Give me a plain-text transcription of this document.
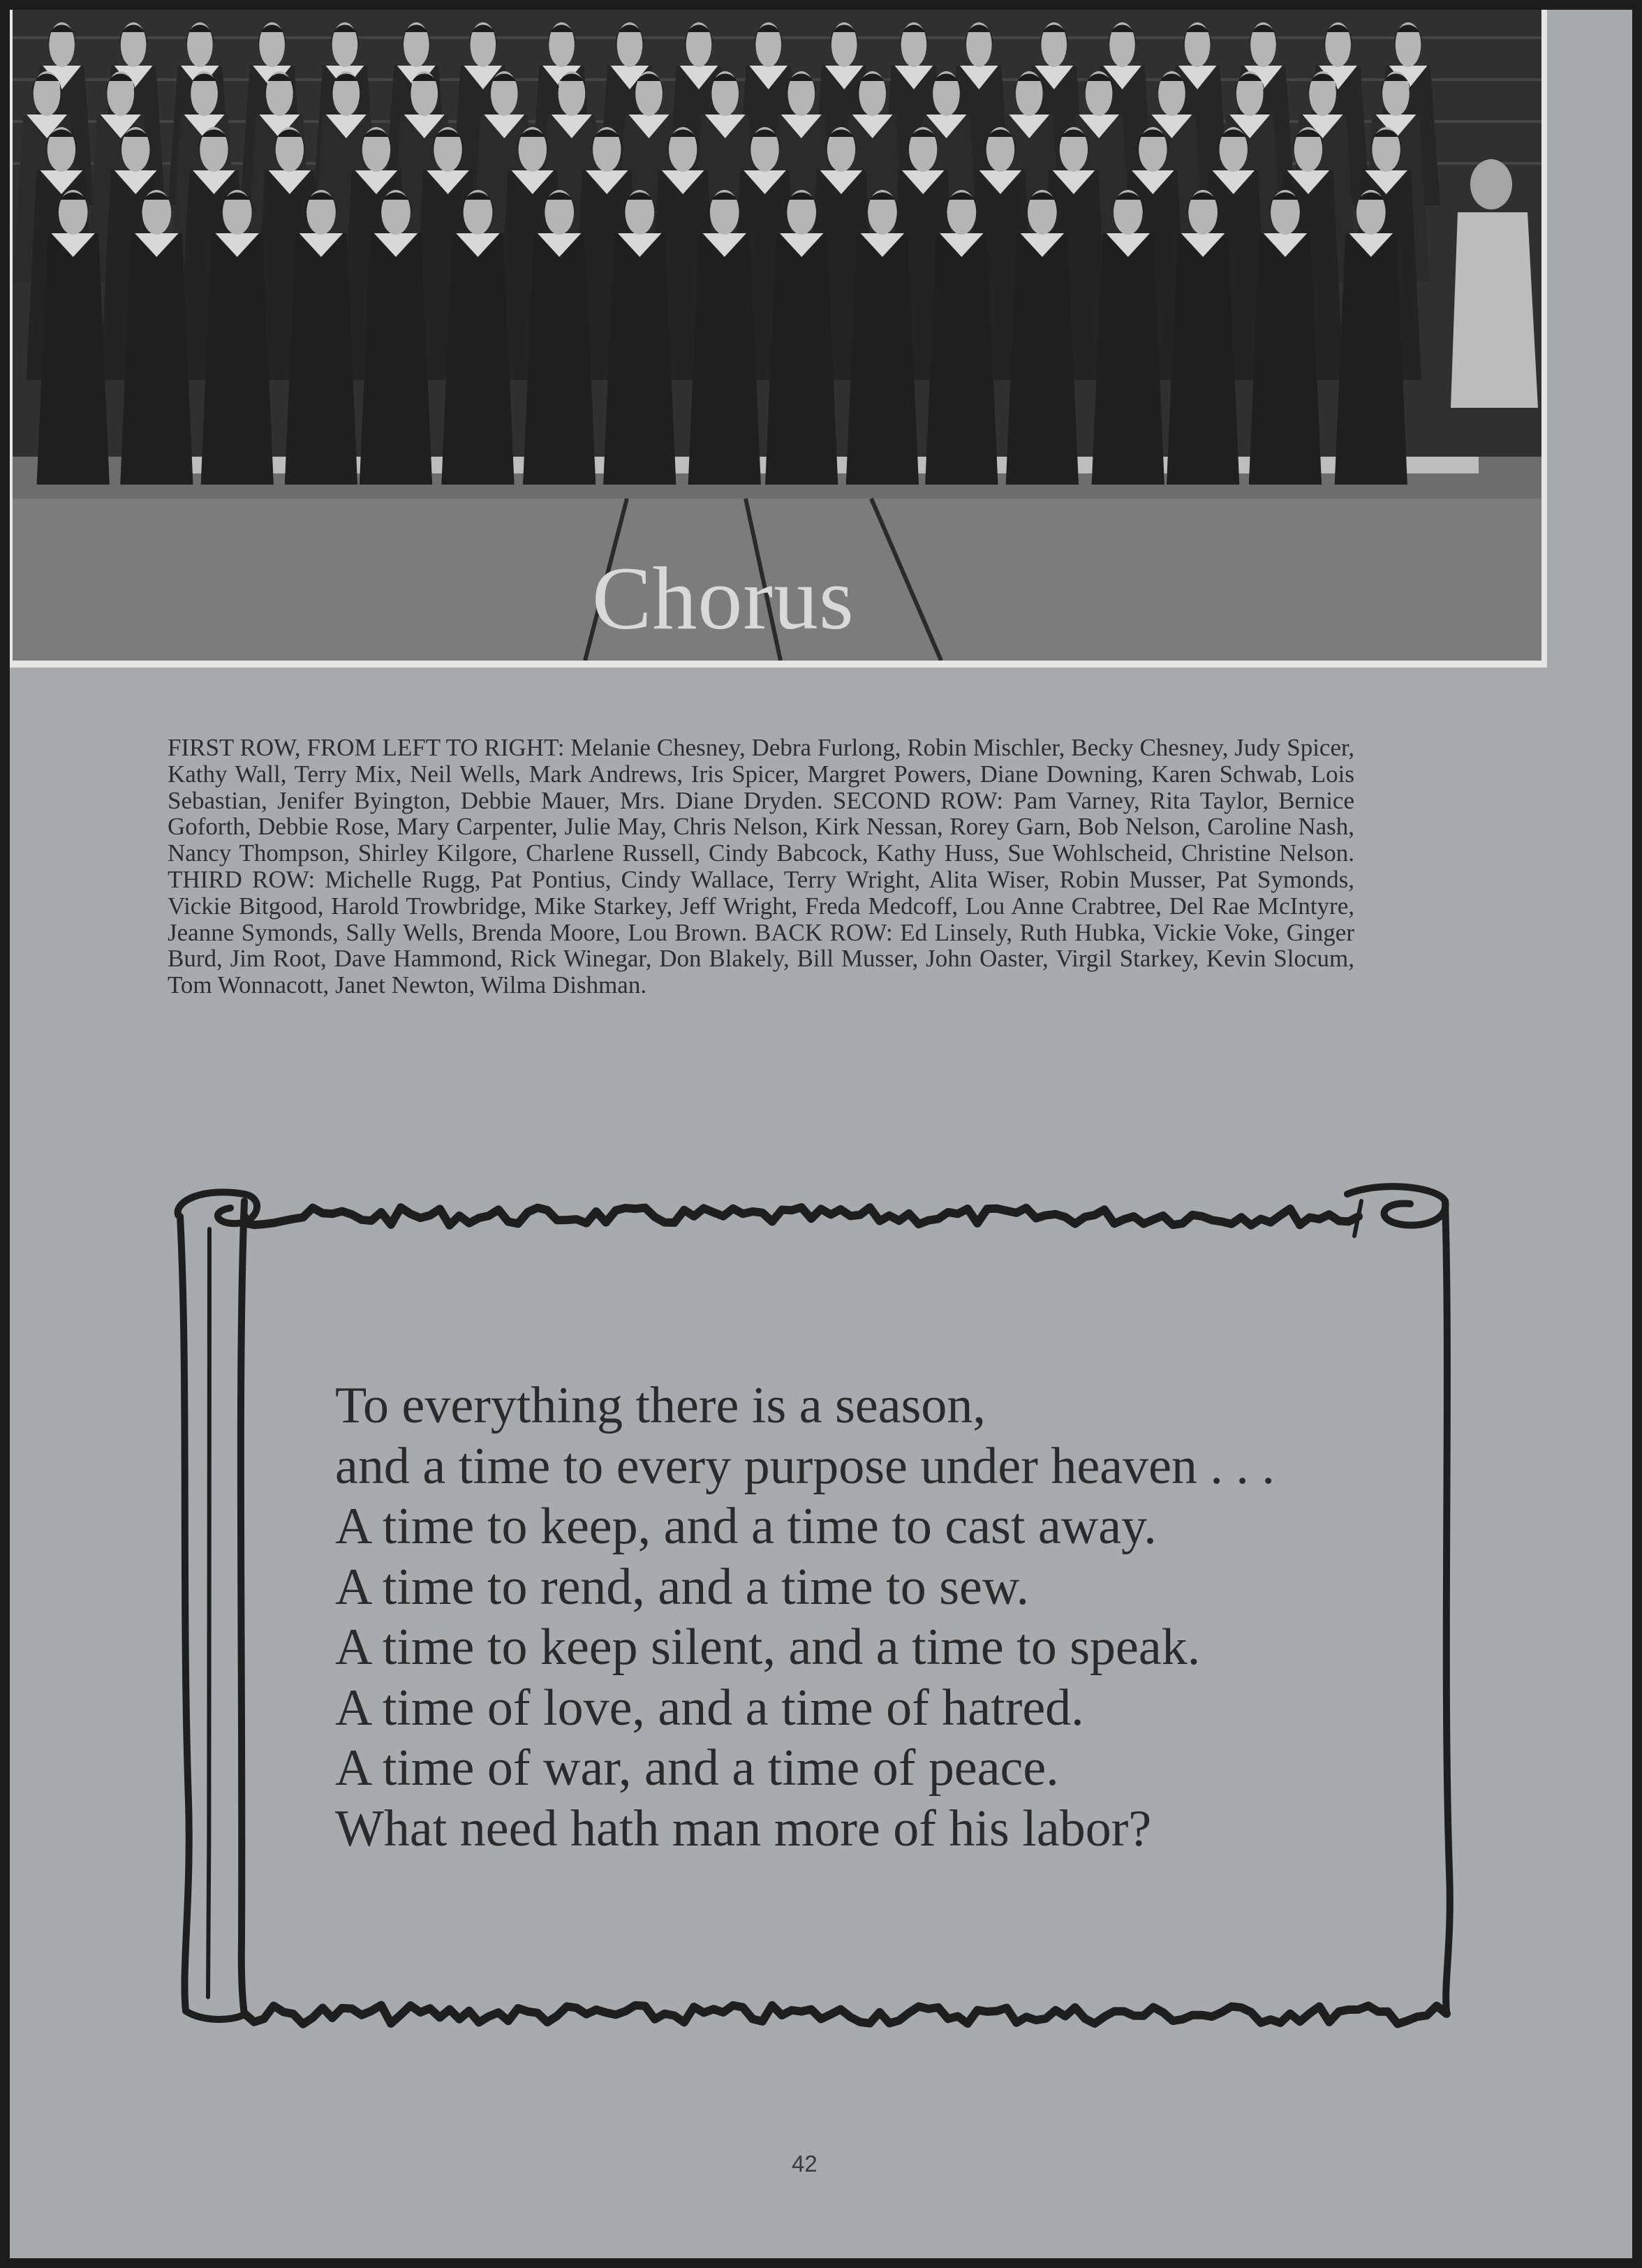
Chorus
FIRST ROW, FROM LEFT TO RIGHT: Melanie Chesney, Debra Furlong, Robin Mischler, Becky Chesney, Judy Spicer, Kathy Wall, Terry Mix, Neil Wells, Mark Andrews, Iris Spicer, Margret Powers, Diane Downing, Karen Schwab, Lois Sebastian, Jenifer Byington, Debbie Mauer, Mrs. Diane Dryden. SECOND ROW: Pam Varney, Rita Taylor, Bernice Goforth, Debbie Rose, Mary Carpenter, Julie May, Chris Nelson, Kirk Nessan, Rorey Garn, Bob Nelson, Caroline Nash, Nancy Thompson, Shirley Kilgore, Charlene Russell, Cindy Babcock, Kathy Huss, Sue Wohlscheid, Christine Nelson. THIRD ROW: Michelle Rugg, Pat Pontius, Cindy Wallace, Terry Wright, Alita Wiser, Robin Musser, Pat Symonds, Vickie Bitgood, Harold Trowbridge, Mike Starkey, Jeff Wright, Freda Medcoff, Lou Anne Crabtree, Del Rae McIntyre, Jeanne Symonds, Sally Wells, Brenda Moore, Lou Brown. BACK ROW: Ed Linsely, Ruth Hubka, Vickie Voke, Ginger Burd, Jim Root, Dave Hammond, Rick Winegar, Don Blakely, Bill Musser, John Oaster, Virgil Starkey, Kevin Slocum, Tom Wonnacott, Janet Newton, Wilma Dishman.
To everything there is a season,
and a time to every purpose under heaven . . .
A time to keep, and a time to cast away.
A time to rend, and a time to sew.
A time to keep silent, and a time to speak.
A time of love, and a time of hatred.
A time of war, and a time of peace.
What need hath man more of his labor?
42
